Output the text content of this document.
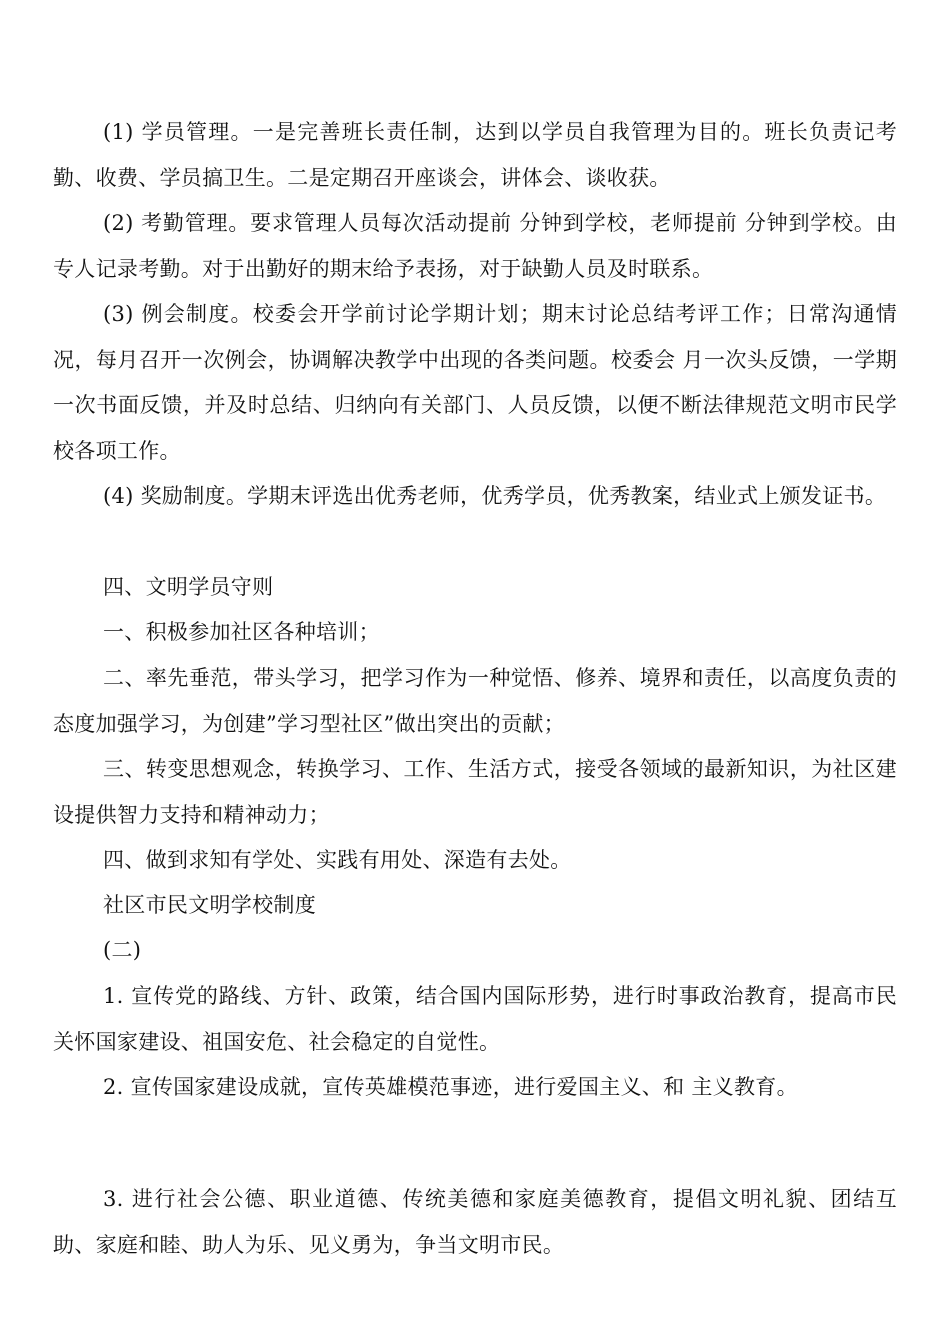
(1) 学员管理。一是完善班长责任制，达到以学员自我管理为目的。班长负责记考勤、收费、学员搞卫生。二是定期召开座谈会，讲体会、谈收获。

(2) 考勤管理。要求管理人员每次活动提前 分钟到学校，老师提前 分钟到学校。由专人记录考勤。对于出勤好的期末给予表扬，对于缺勤人员及时联系。

(3) 例会制度。校委会开学前讨论学期计划；期末讨论总结考评工作；日常沟通情况，每月召开一次例会，协调解决教学中出现的各类问题。校委会 月一次头反馈，一学期一次书面反馈，并及时总结、归纳向有关部门、人员反馈，以便不断法律规范文明市民学校各项工作。

(4) 奖励制度。学期末评选出优秀老师，优秀学员，优秀教案，结业式上颁发证书。

四、文明学员守则

一、积极参加社区各种培训；

二、率先垂范，带头学习，把学习作为一种觉悟、修养、境界和责任，以高度负责的态度加强学习，为创建”学习型社区”做出突出的贡献；

三、转变思想观念，转换学习、工作、生活方式，接受各领域的最新知识，为社区建设提供智力支持和精神动力；

四、做到求知有学处、实践有用处、深造有去处。

社区市民文明学校制度

(二)

1. 宣传党的路线、方针、政策，结合国内国际形势，进行时事政治教育，提高市民关怀国家建设、祖国安危、社会稳定的自觉性。

2. 宣传国家建设成就，宣传英雄模范事迹，进行爱国主义、和 主义教育。

3. 进行社会公德、职业道德、传统美德和家庭美德教育，提倡文明礼貌、团结互助、家庭和睦、助人为乐、见义勇为，争当文明市民。
